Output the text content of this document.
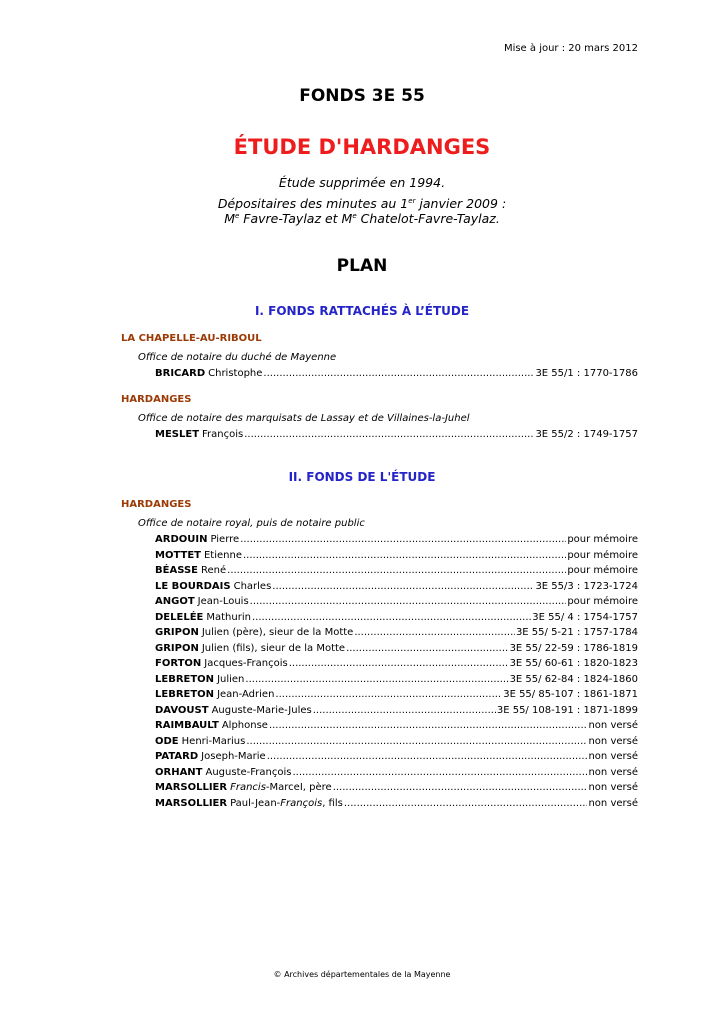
Mise à jour : 20 mars 2012
FONDS 3E 55
ÉTUDE D'HARDANGES
Étude supprimée en 1994.
Dépositaires des minutes au 1er janvier 2009 :
Me Favre-Taylaz et Me Chatelot-Favre-Taylaz.
PLAN
I. FONDS RATTACHÉS À L’ÉTUDE
LA CHAPELLE-AU-RIBOUL
Office de notaire du duché de Mayenne
BRICARD Christophe .....	3E 55/1 : 1770-1786
HARDANGES
Office de notaire des marquisats de Lassay et de Villaines-la-Juhel
MESLET François .....	3E 55/2 : 1749-1757
II. FONDS DE L'ÉTUDE
HARDANGES
Office de notaire royal, puis de notaire public
ARDOUIN Pierre .....	pour mémoire
MOTTET Etienne .....	pour mémoire
BÉASSE René .....	pour mémoire
LE BOURDAIS Charles .....	3E 55/3 : 1723-1724
ANGOT Jean-Louis .....	pour mémoire
DELELÉE Mathurin .....	3E 55/ 4 : 1754-1757
GRIPON Julien (père), sieur de la Motte .....	3E 55/ 5-21 : 1757-1784
GRIPON Julien (fils), sieur de la Motte .....	3E 55/ 22-59 : 1786-1819
FORTON Jacques-François .....	3E 55/ 60-61 : 1820-1823
LEBRETON Julien .....	3E 55/ 62-84 : 1824-1860
LEBRETON Jean-Adrien .....	3E 55/ 85-107 : 1861-1871
DAVOUST Auguste-Marie-Jules .....	3E 55/ 108-191 : 1871-1899
RAIMBAULT Alphonse .....	non versé
ODE Henri-Marius .....	non versé
PATARD Joseph-Marie .....	non versé
ORHANT Auguste-François .....	non versé
MARSOLLIER Francis-MarceI, père .....	non versé
MARSOLLIER Paul-Jean-François, fils .....	non versé
© Archives départementales de la Mayenne
